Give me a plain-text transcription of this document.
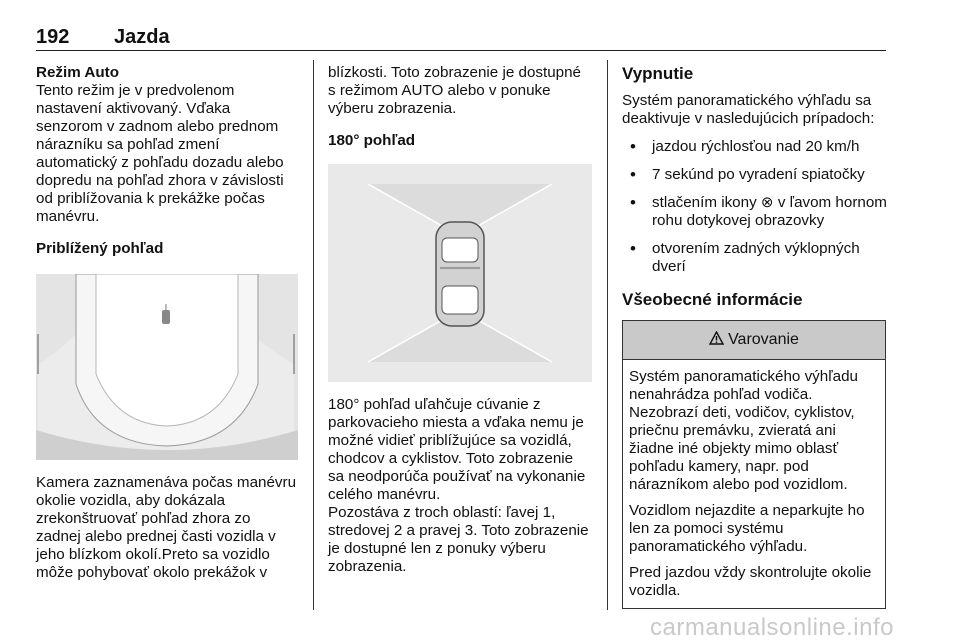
192 Jazda

Režim Auto

Tento režim je v predvolenom nastavení aktivovaný. Vďaka senzorom v zadnom alebo prednom nárazníku sa pohľad zmení automatický z pohľadu dozadu alebo dopredu na pohľad zhora v závislosti od priblížovania k prekážke počas manévru.

Priblížený pohľad

Kamera zaznamenáva počas manévru okolie vozidla, aby dokázala zrekonštruovať pohľad zhora zo zadnej alebo prednej časti vozidla v jeho blízkom okolí.Preto sa vozidlo môže pohybovať okolo prekážok v

blízkosti. Toto zobrazenie je dostupné s režimom AUTO alebo v ponuke výberu zobrazenia.

180° pohľad

180° pohľad uľahčuje cúvanie z parkovacieho miesta a vďaka nemu je možné vidieť priblížujúce sa vozidlá, chodcov a cyklistov. Toto zobrazenie sa neodporúča používať na vykonanie celého manévru.

Pozostáva z troch oblastí: ľavej 1, stredovej 2 a pravej 3. Toto zobrazenie je dostupné len z ponuky výberu zobrazenia.

Vypnutie

Systém panoramatického výhľadu sa deaktivuje v nasledujúcich prípadoch:

• jazdou rýchlosťou nad 20 km/h
• 7 sekúnd po vyradení spiatočky
• stlačením ikony ⊗ v ľavom hornom rohu dotykovej obrazovky
• otvorením zadných výklopných dverí

Všeobecné informácie

Varovanie

Systém panoramatického výhľadu nenahrádza pohľad vodiča. Nezobrazí deti, vodičov, cyklistov, priečnu premávku, zvieratá ani žiadne iné objekty mimo oblasť pohľadu kamery, napr. pod nárazníkom alebo pod vozidlom.

Vozidlom nejazdite a neparkujte ho len za pomoci systému panoramatického výhľadu.

Pred jazdou vždy skontrolujte okolie vozidla.

carmanualsonline.info
